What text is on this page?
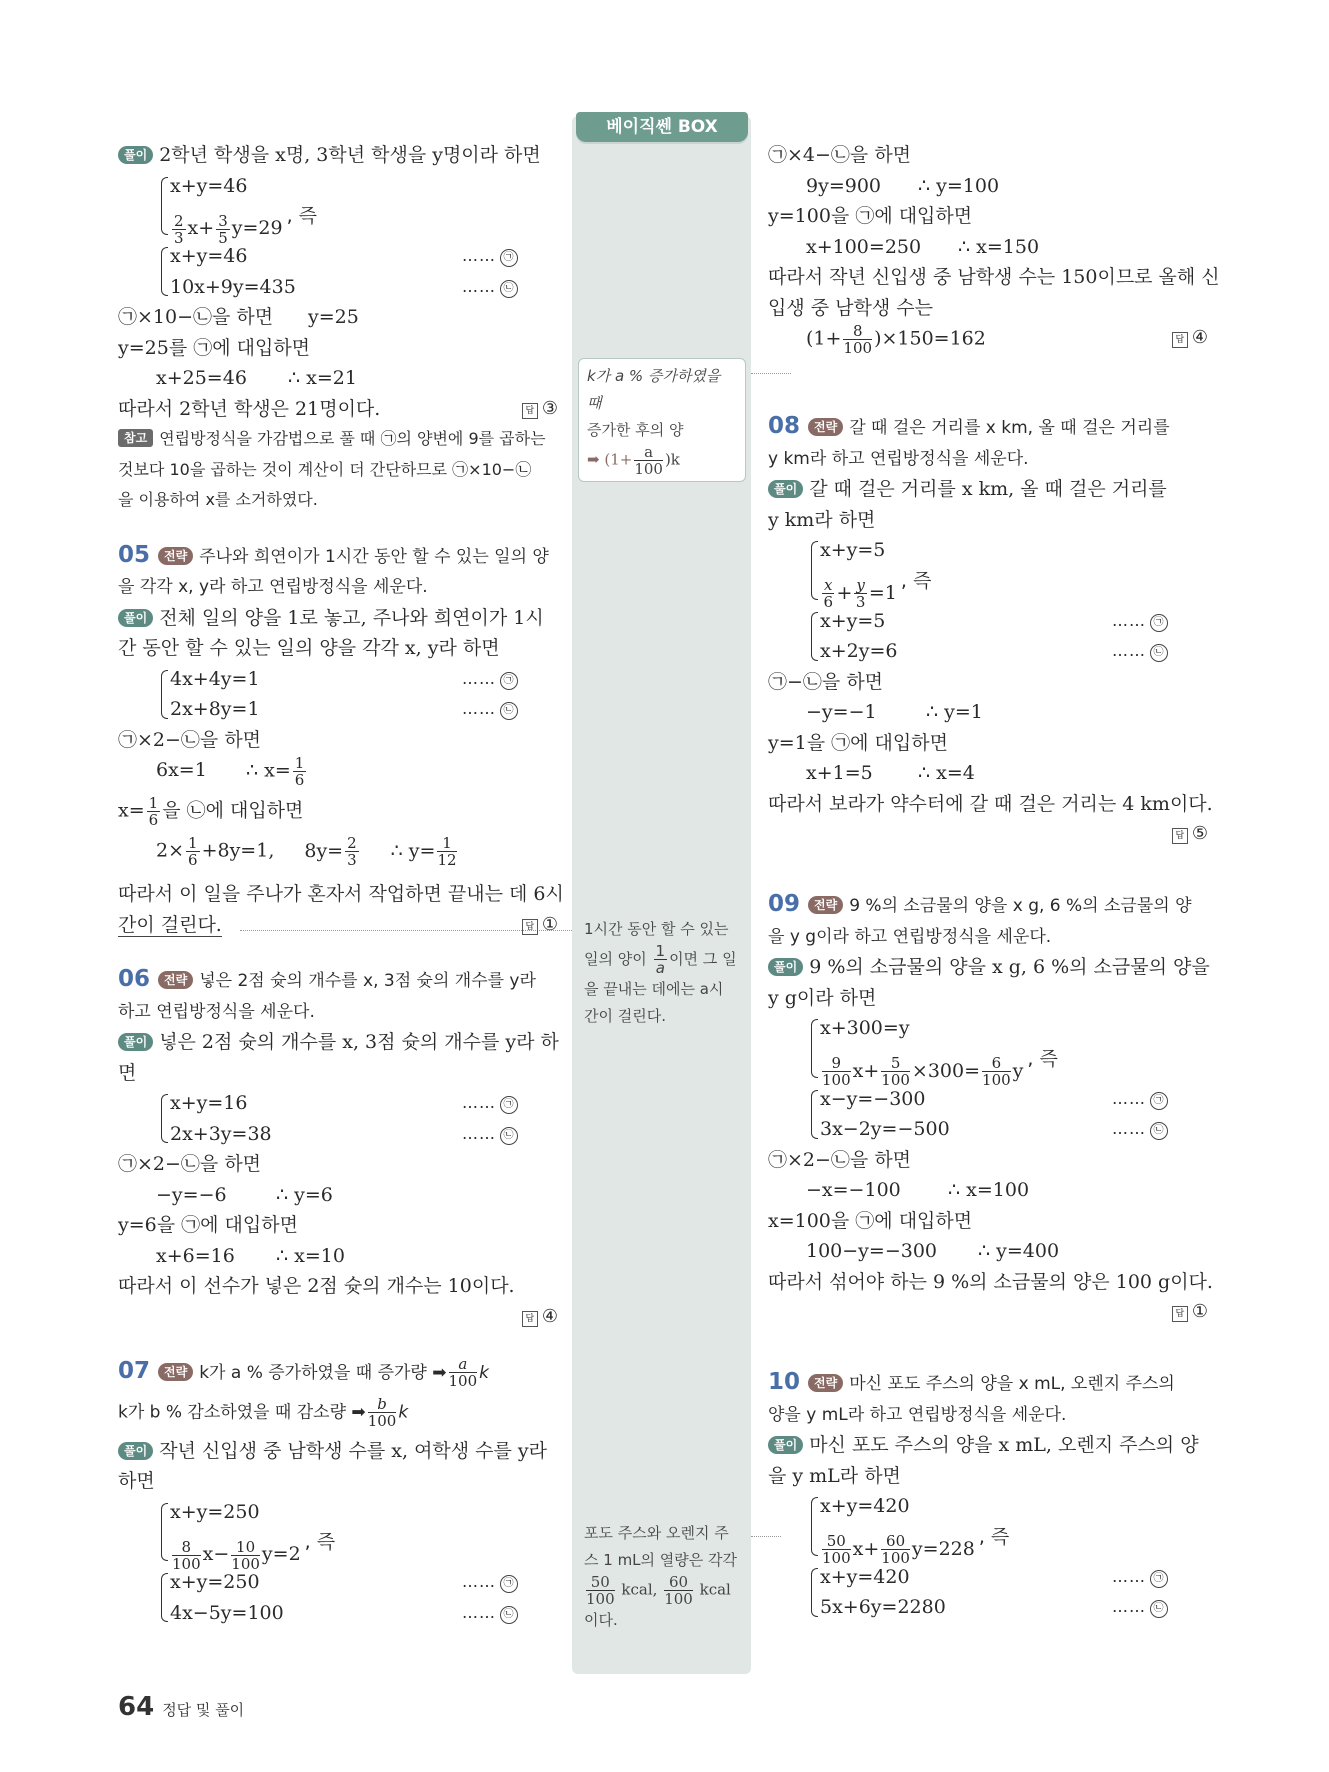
베이직쎈 BOX
k가 a % 증가하였을 때
증가한 후의 양
➡ $(1+ \frac{a}{100} )k$
1시간 동안 할 수 있는
일의 양이 $\frac{1}{a}$ 이면 그 일
을 끝내는 데에는 a시
간이 걸린다.
포도 주스와 오렌지 주
스 1 mL의 열량은 각각
$\frac{50}{100}$ kcal, $\frac{60}{100}$ kcal
이다.
풀이 2학년 학생을 x명, 3학년 학생을 y명이라 하면
x+y=46
$\frac{2}{3} x+ \frac{3}{5} y=29$, 즉
x+y=46	…… ㉠
10x+9y=435	…… ㉡
㉠×10−㉡을 하면 y=25
y=25를 ㉠에 대입하면
x+25=46 ∴ x=21
따라서 2학년 학생은 21명이다.	답 ③
참고 연립방정식을 가감법으로 풀 때 ㉠의 양변에 9를 곱하는
것보다 10을 곱하는 것이 계산이 더 간단하므로 ㉠×10−㉡
을 이용하여 x를 소거하였다.
05 전략 주나와 희연이가 1시간 동안 할 수 있는 일의 양
을 각각 x, y라 하고 연립방정식을 세운다.
풀이 전체 일의 양을 1로 놓고, 주나와 희연이가 1시
간 동안 할 수 있는 일의 양을 각각 x, y라 하면
4x+4y=1	…… ㉠
2x+8y=1	…… ㉡
㉠×2−㉡을 하면
6x=1 ∴ $x= \frac{1}{6}$
$x= \frac{1}{6}$ 을 ㉡에 대입하면
$2\times \frac{1}{6} +8y=1$, $8y= \frac{2}{3}$ ∴ $y= \frac{1}{12}$
따라서 이 일을 주나가 혼자서 작업하면 끝내는 데 6시
간이 걸린다.	답 ①
06 전략 넣은 2점 슛의 개수를 x, 3점 슛의 개수를 y라
하고 연립방정식을 세운다.
풀이 넣은 2점 슛의 개수를 x, 3점 슛의 개수를 y라 하
면
x+y=16	…… ㉠
2x+3y=38	…… ㉡
㉠×2−㉡을 하면
−y=−6	∴ y=6
y=6을 ㉠에 대입하면
x+6=16 ∴ x=10
따라서 이 선수가 넣은 2점 슛의 개수는 10이다.
답 ④
07 전략 k가 a % 증가하였을 때 증가량 ➡ $\frac{a}{100}$ k
k가 b % 감소하였을 때 감소량 ➡ $\frac{b}{100}$ k
풀이 작년 신입생 중 남학생 수를 x, 여학생 수를 y라
하면
x+y=250
$\frac{8}{100} x- \frac{10}{100} y=2$, 즉
x+y=250	…… ㉠
4x−5y=100	…… ㉡
㉠×4−㉡을 하면
9y=900 ∴ y=100
y=100을 ㉠에 대입하면
x+100=250 ∴ x=150
따라서 작년 신입생 중 남학생 수는 150이므로 올해 신
입생 중 남학생 수는
$(1+ \frac{8}{100} )\times 150=162$	답 ④
08 전략 갈 때 걸은 거리를 x km, 올 때 걸은 거리를
y km라 하고 연립방정식을 세운다.
풀이 갈 때 걸은 거리를 x km, 올 때 걸은 거리를
y km라 하면
x+y=5
$\frac{x}{6} + \frac{y}{3} =1$, 즉
x+y=5	…… ㉠
x+2y=6	…… ㉡
㉠−㉡을 하면
−y=−1	∴ y=1
y=1을 ㉠에 대입하면
x+1=5 ∴ x=4
따라서 보라가 약수터에 갈 때 걸은 거리는 4 km이다.
답 ⑤
09 전략 9 %의 소금물의 양을 x g, 6 %의 소금물의 양
을 y g이라 하고 연립방정식을 세운다.
풀이 9 %의 소금물의 양을 x g, 6 %의 소금물의 양을
y g이라 하면
x+300=y
$\frac{9}{100} x+ \frac{5}{100} \times 300= \frac{6}{100} y$, 즉
x−y=−300	…… ㉠
3x−2y=−500	…… ㉡
㉠×2−㉡을 하면
−x=−100 ∴ x=100
x=100을 ㉠에 대입하면
100−y=−300 ∴ y=400
따라서 섞어야 하는 9 %의 소금물의 양은 100 g이다.
답 ①
10 전략 마신 포도 주스의 양을 x mL, 오렌지 주스의
양을 y mL라 하고 연립방정식을 세운다.
풀이 마신 포도 주스의 양을 x mL, 오렌지 주스의 양
을 y mL라 하면
x+y=420
$\frac{50}{100} x+ \frac{60}{100} y=228$, 즉
x+y=420	…… ㉠
5x+6y=2280	…… ㉡
64 정답 및 풀이
